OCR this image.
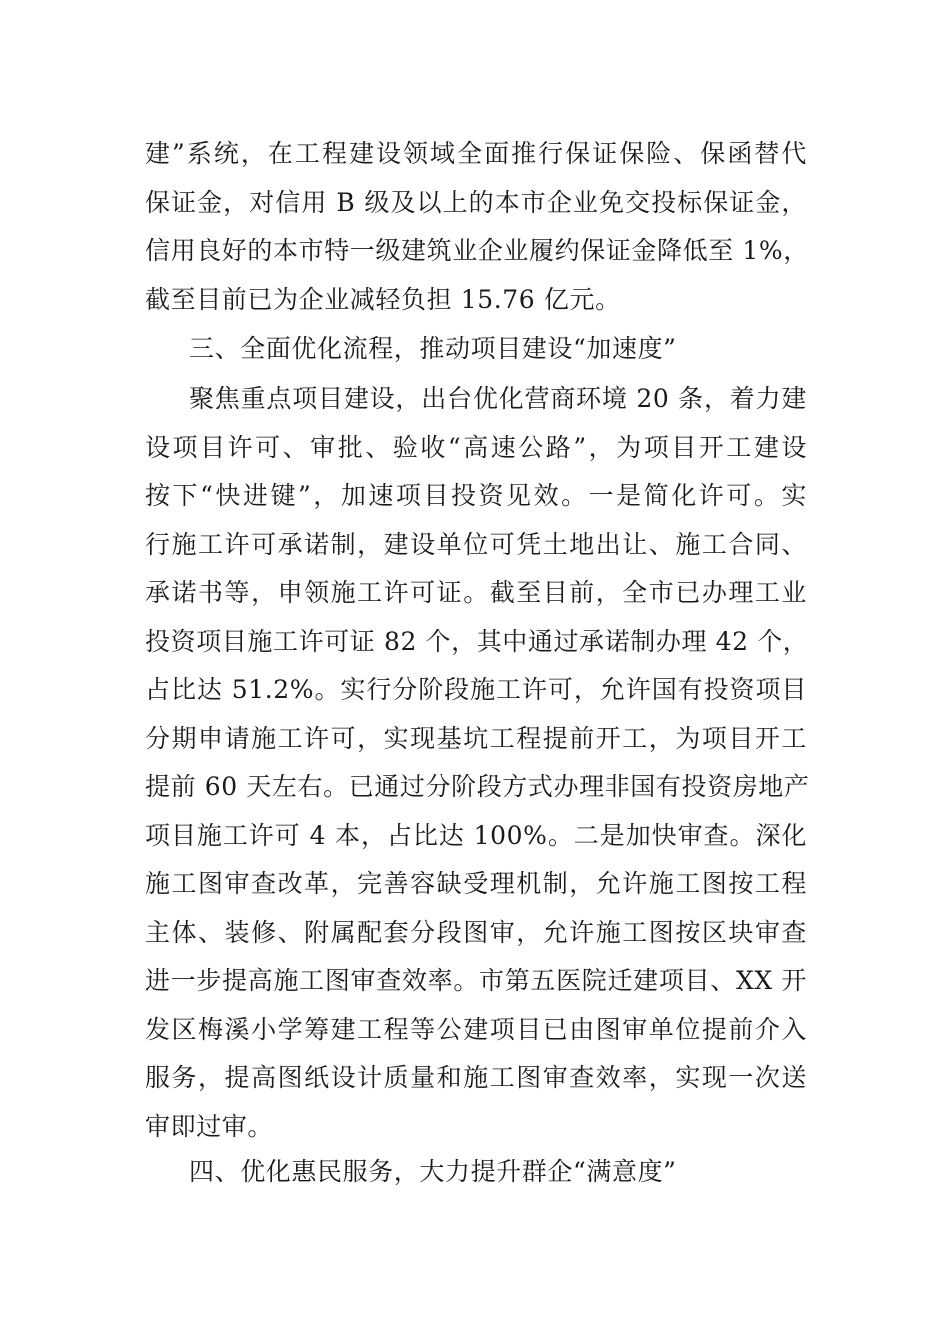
建”系统，在工程建设领域全面推行保证保险、保函替代
保证金，对信用 B 级及以上的本市企业免交投标保证金，
信用良好的本市特一级建筑业企业履约保证金降低至 1%，
截至目前已为企业减轻负担 15.76 亿元。
三、全面优化流程，推动项目建设“加速度”
聚焦重点项目建设，出台优化营商环境 20 条，着力建
设项目许可、审批、验收“高速公路”，为项目开工建设
按下“快进键”，加速项目投资见效。一是简化许可。实
行施工许可承诺制，建设单位可凭土地出让、施工合同、
承诺书等，申领施工许可证。截至目前，全市已办理工业
投资项目施工许可证 82 个，其中通过承诺制办理 42 个，
占比达 51.2%。实行分阶段施工许可，允许国有投资项目
分期申请施工许可，实现基坑工程提前开工，为项目开工
提前 60 天左右。已通过分阶段方式办理非国有投资房地产
项目施工许可 4 本，占比达 100%。二是加快审查。深化
施工图审查改革，完善容缺受理机制，允许施工图按工程
主体、装修、附属配套分段图审，允许施工图按区块审查
进一步提高施工图审查效率。市第五医院迁建项目、XX 开
发区梅溪小学筹建工程等公建项目已由图审单位提前介入
服务，提高图纸设计质量和施工图审查效率，实现一次送
审即过审。
四、优化惠民服务，大力提升群企“满意度”
